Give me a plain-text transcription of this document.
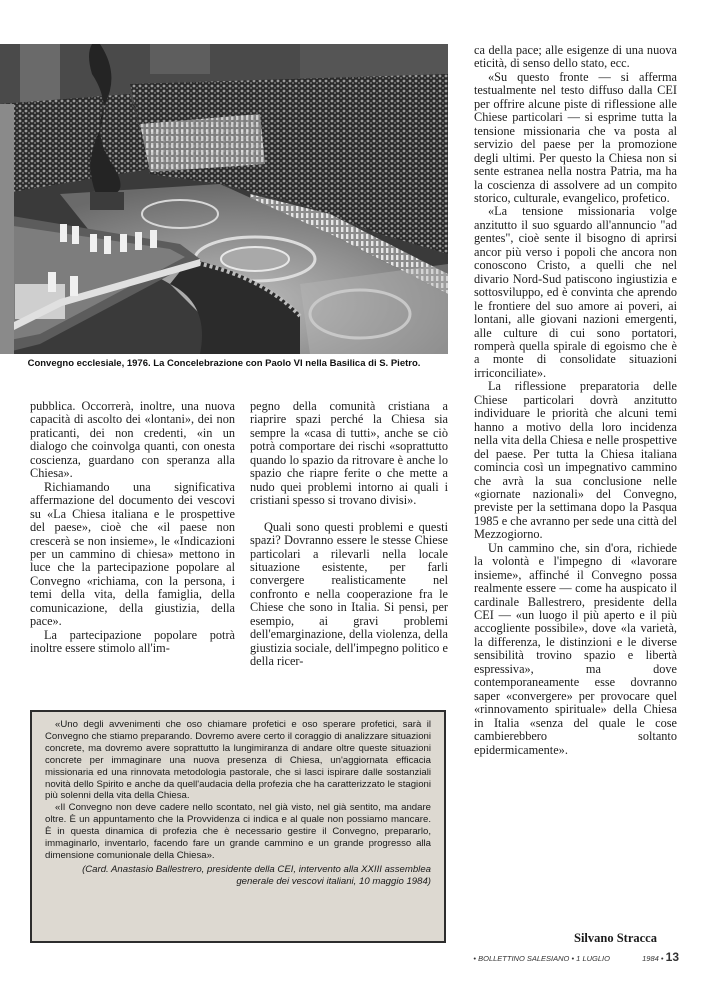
Convegno ecclesiale, 1976. La Concelebrazione con Paolo VI nella Basilica di S. Pietro.

pubblica. Occorrerà, inoltre, una nuova capacità di ascolto dei «lontani», dei non praticanti, dei non credenti, «in un dialogo che coinvolga quanti, con onesta coscienza, guardano con speranza alla Chiesa».

Richiamando una significativa affermazione del documento dei vescovi su «La Chiesa italiana e le prospettive del paese», cioè che «il paese non crescerà se non insieme», le «Indicazioni per un cammino di chiesa» mettono in luce che la partecipazione popolare al Convegno «richiama, con la persona, i temi della vita, della famiglia, della comunicazione, della giustizia, della pace».

La partecipazione popolare potrà inoltre essere stimolo all'im-

pegno della comunità cristiana a riaprire spazi perché la Chiesa sia sempre la «casa di tutti», anche se ciò potrà comportare dei rischi «soprattutto quando lo spazio da ritrovare è anche lo spazio che riapre ferite o che mette a nudo quei problemi intorno ai quali i cristiani spesso si trovano divisi».

Quali sono questi problemi e questi spazi? Dovranno essere le stesse Chiese particolari a rilevarli nella locale situazione esistente, per farli convergere realisticamente nel confronto e nella cooperazione fra le Chiese che sono in Italia. Si pensi, per esempio, ai gravi problemi dell'emarginazione, della violenza, della giustizia sociale, dell'impegno politico e della ricer-

ca della pace; alle esigenze di una nuova eticità, di senso dello stato, ecc.

«Su questo fronte — si afferma testualmente nel testo diffuso dalla CEI per offrire alcune piste di riflessione alle Chiese particolari — si esprime tutta la tensione missionaria che va posta al servizio del paese per la promozione degli ultimi. Per questo la Chiesa non si sente estranea nella nostra Patria, ma ha la coscienza di assolvere ad un compito storico, culturale, evangelico, profetico.

«La tensione missionaria volge anzitutto il suo sguardo all'annuncio "ad gentes", cioè sente il bisogno di aprirsi ancor più verso i popoli che ancora non conoscono Cristo, a quelli che nel divario Nord-Sud patiscono ingiustizia e sottosviluppo, ed è convinta che aprendo le frontiere del suo amore ai poveri, ai lontani, alle giovani nazioni emergenti, alle culture di cui sono portatori, romperà quella spirale di egoismo che è a monte di consolidate situazioni irriconciliate».

La riflessione preparatoria delle Chiese particolari dovrà anzitutto individuare le priorità che alcuni temi hanno a motivo della loro incidenza nella vita della Chiesa e nelle prospettive del paese. Per tutta la Chiesa italiana comincia così un impegnativo cammino che avrà la sua conclusione nelle «giornate nazionali» del Convegno, previste per la settimana dopo la Pasqua 1985 e che avranno per sede una città del Mezzogiorno.

Un cammino che, sin d'ora, richiede la volontà e l'impegno di «lavorare insieme», affinché il Convegno possa realmente essere — come ha auspicato il cardinale Ballestrero, presidente della CEI — «un luogo il più aperto e il più accogliente possibile», dove «la varietà, la differenza, le distinzioni e le diverse sensibilità trovino spazio e libertà espressiva», ma dove contemporaneamente esse dovranno saper «convergere» per provocare quel «rinnovamento spirituale» della Chiesa in Italia «senza del quale le cose cambierebbero soltanto epidermicamente».

«Uno degli avvenimenti che oso chiamare profetici e oso sperare profetici, sarà il Convegno che stiamo preparando. Dovremo avere certo il coraggio di analizzare situazioni concrete, ma dovremo avere soprattutto la lungimiranza di andare oltre queste situazioni concrete per immaginare una nuova presenza di Chiesa, un'aggiornata efficacia missionaria ed una rinnovata metodologia pastorale, che si lasci ispirare dalle sostanziali novità dello Spirito e anche da quell'audacia della profezia che ha caratterizzato le stagioni più solenni della vita della Chiesa.

«Il Convegno non deve cadere nello scontato, nel già visto, nel già sentito, ma andare oltre. È un appuntamento che la Provvidenza ci indica e al quale non possiamo mancare. È in questa dinamica di profezia che è necessario gestire il Convegno, prepararlo, immaginarlo, inventarlo, facendo fare un grande cammino e un grande progresso alla dimensione comunionale della Chiesa».

(Card. Anastasio Ballestrero, presidente della CEI, intervento alla XXIII assemblea generale dei vescovi italiani, 10 maggio 1984)

Silvano Stracca
• BOLLETTINO SALESIANO • 1 LUGLIO	1984 • 13
